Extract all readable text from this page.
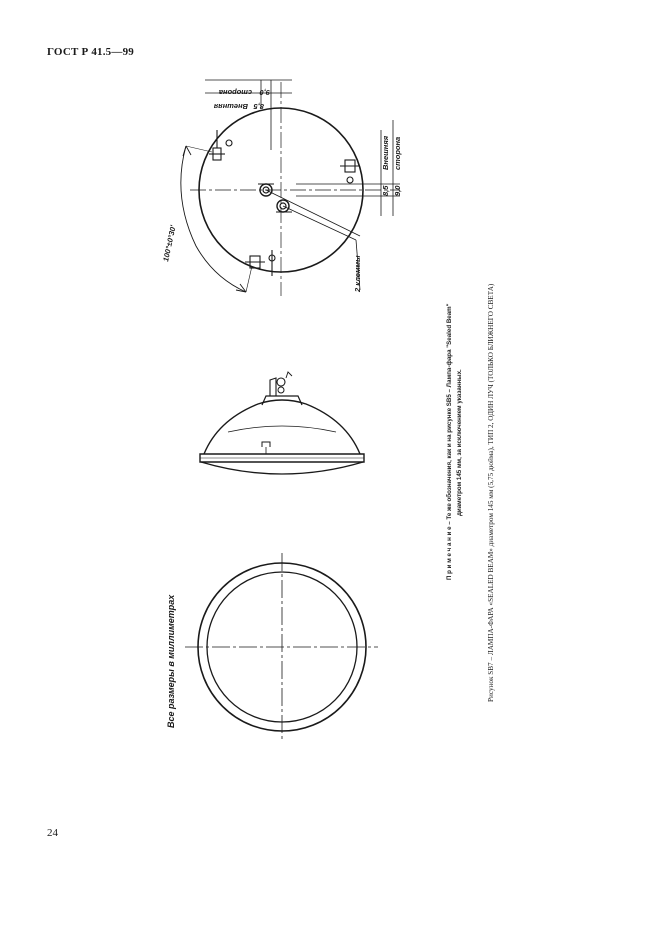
ГОСТ Р 41.5—99
100°±0°30'
8,5
Внешняя
9,0
сторона
8,5
Внешняя
9,0
сторона
2 клеммы
Все размеры в миллиметрах
П р и м е ч а н и е – Те же обозначения, как и на рисунке SB5 – Лампа-фара "Sealed Beam" диаметром 145 мм, за исключением указанных.	Рисунок SB7 – ЛАМПА-ФАРА «SEALED BEAM» диаметром 145 мм (5,75 дюйма), ТИП 2, ОДИН ЛУЧ (ТОЛЬКО БЛИЖНЕГО СВЕТА)
24
